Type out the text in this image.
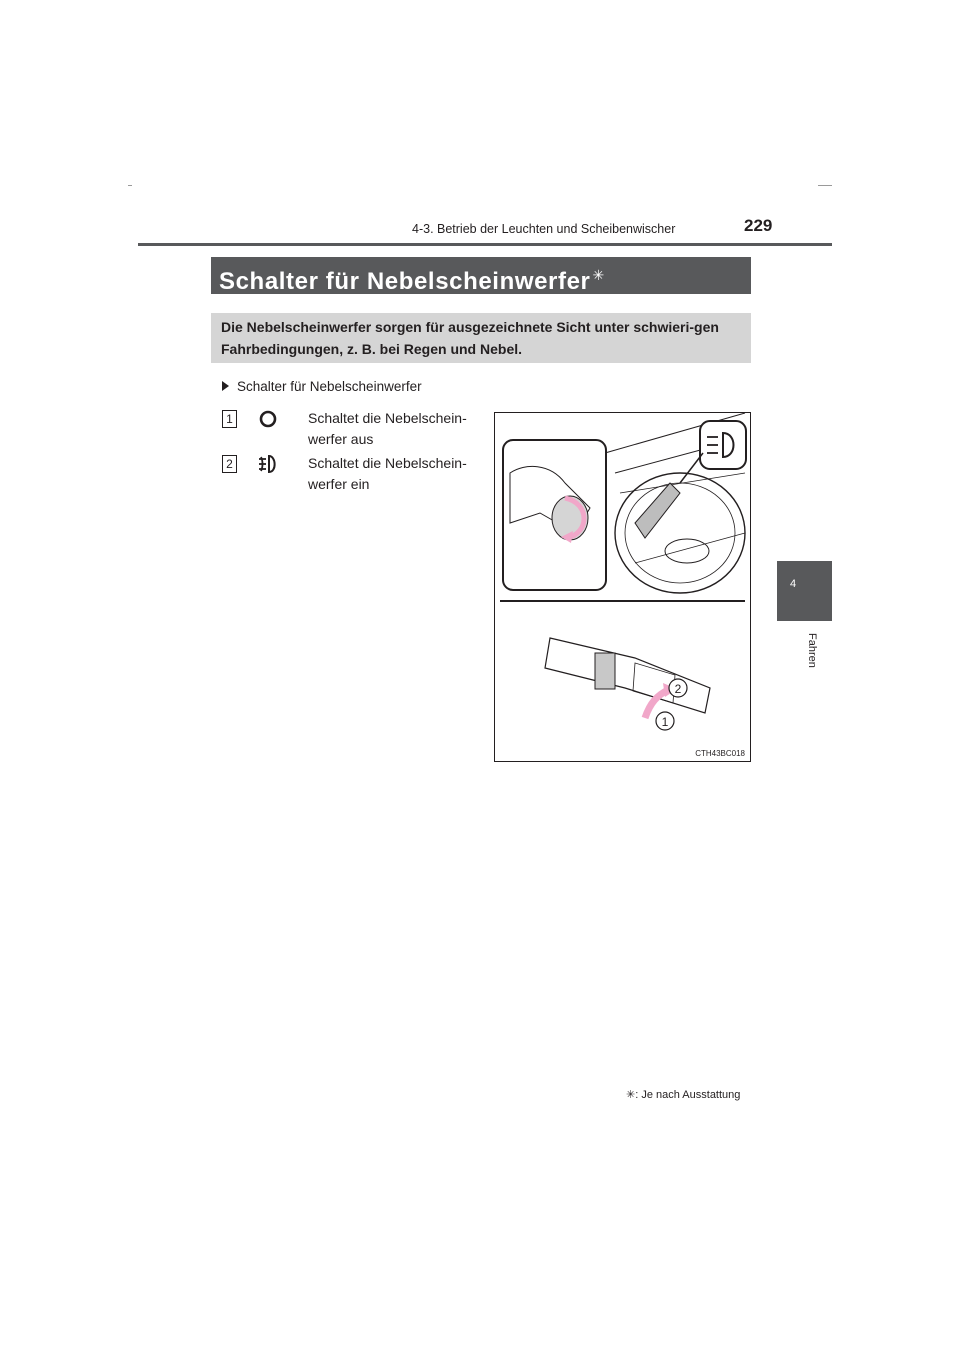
4-3. Betrieb der Leuchten und Scheibenwischer	229
4
Fahren
Schalter für Nebelscheinwerfer ✳
Die Nebelscheinwerfer sorgen für ausgezeichnete Sicht unter schwieri-gen Fahrbedingungen, z. B. bei Regen und Nebel.
Schalter für Nebelscheinwerfer
1	Schaltet die Nebelschein-werfer aus
2	Schaltet die Nebelschein-werfer ein
2
1
CTH43BC018
✳: Je nach Ausstattung
